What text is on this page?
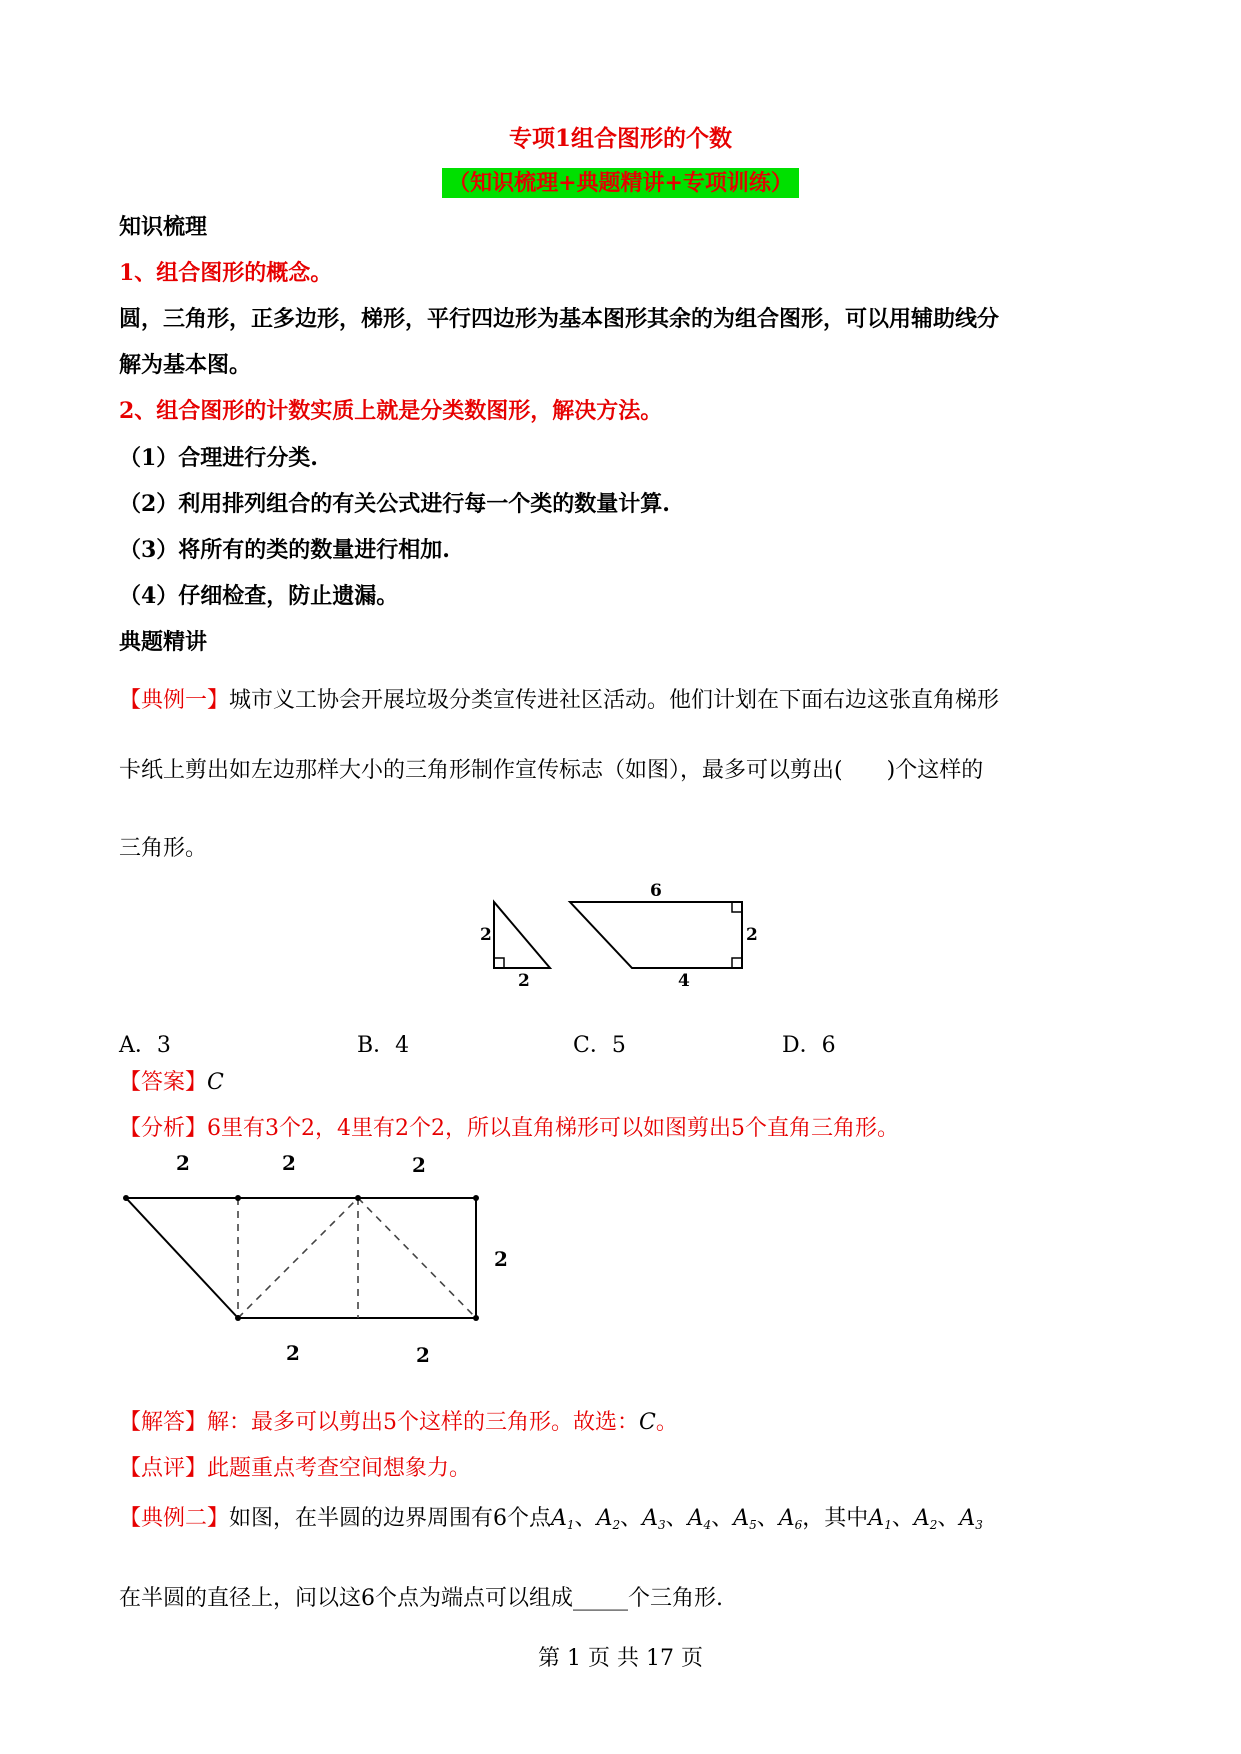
专项1组合图形的个数
（知识梳理+典题精讲+专项训练）
知识梳理
1、组合图形的概念。
圆，三角形，正多边形，梯形，平行四边形为基本图形其余的为组合图形，可以用辅助线分
解为基本图。
2、组合图形的计数实质上就是分类数图形，解决方法。
（1）合理进行分类.
（2）利用排列组合的有关公式进行每一个类的数量计算.
（3）将所有的类的数量进行相加.
（4）仔细检查，防止遗漏。
典题精讲
【典例一】城市义工协会开展垃圾分类宣传进社区活动。他们计划在下面右边这张直角梯形
卡纸上剪出如左边那样大小的三角形制作宣传标志（如图），最多可以剪出(　　)个这样的
三角形。
2
2
6
2
4
A．3	B．4	C．5	D．6
【答案】C
【分析】6里有3个2，4里有2个2，所以直角梯形可以如图剪出5个直角三角形。
2	2	2
2
2	2
【解答】解：最多可以剪出5个这样的三角形。故选：C。
【点评】此题重点考查空间想象力。
【典例二】如图，在半圆的边界周围有6个点$A_1$、$A_2$、$A_3$、$A_4$、$A_5$、$A_6$，其中$A_1$、$A_2$、$A_3$
在半圆的直径上，问以这6个点为端点可以组成_____个三角形.
第 1 页 共 17 页
